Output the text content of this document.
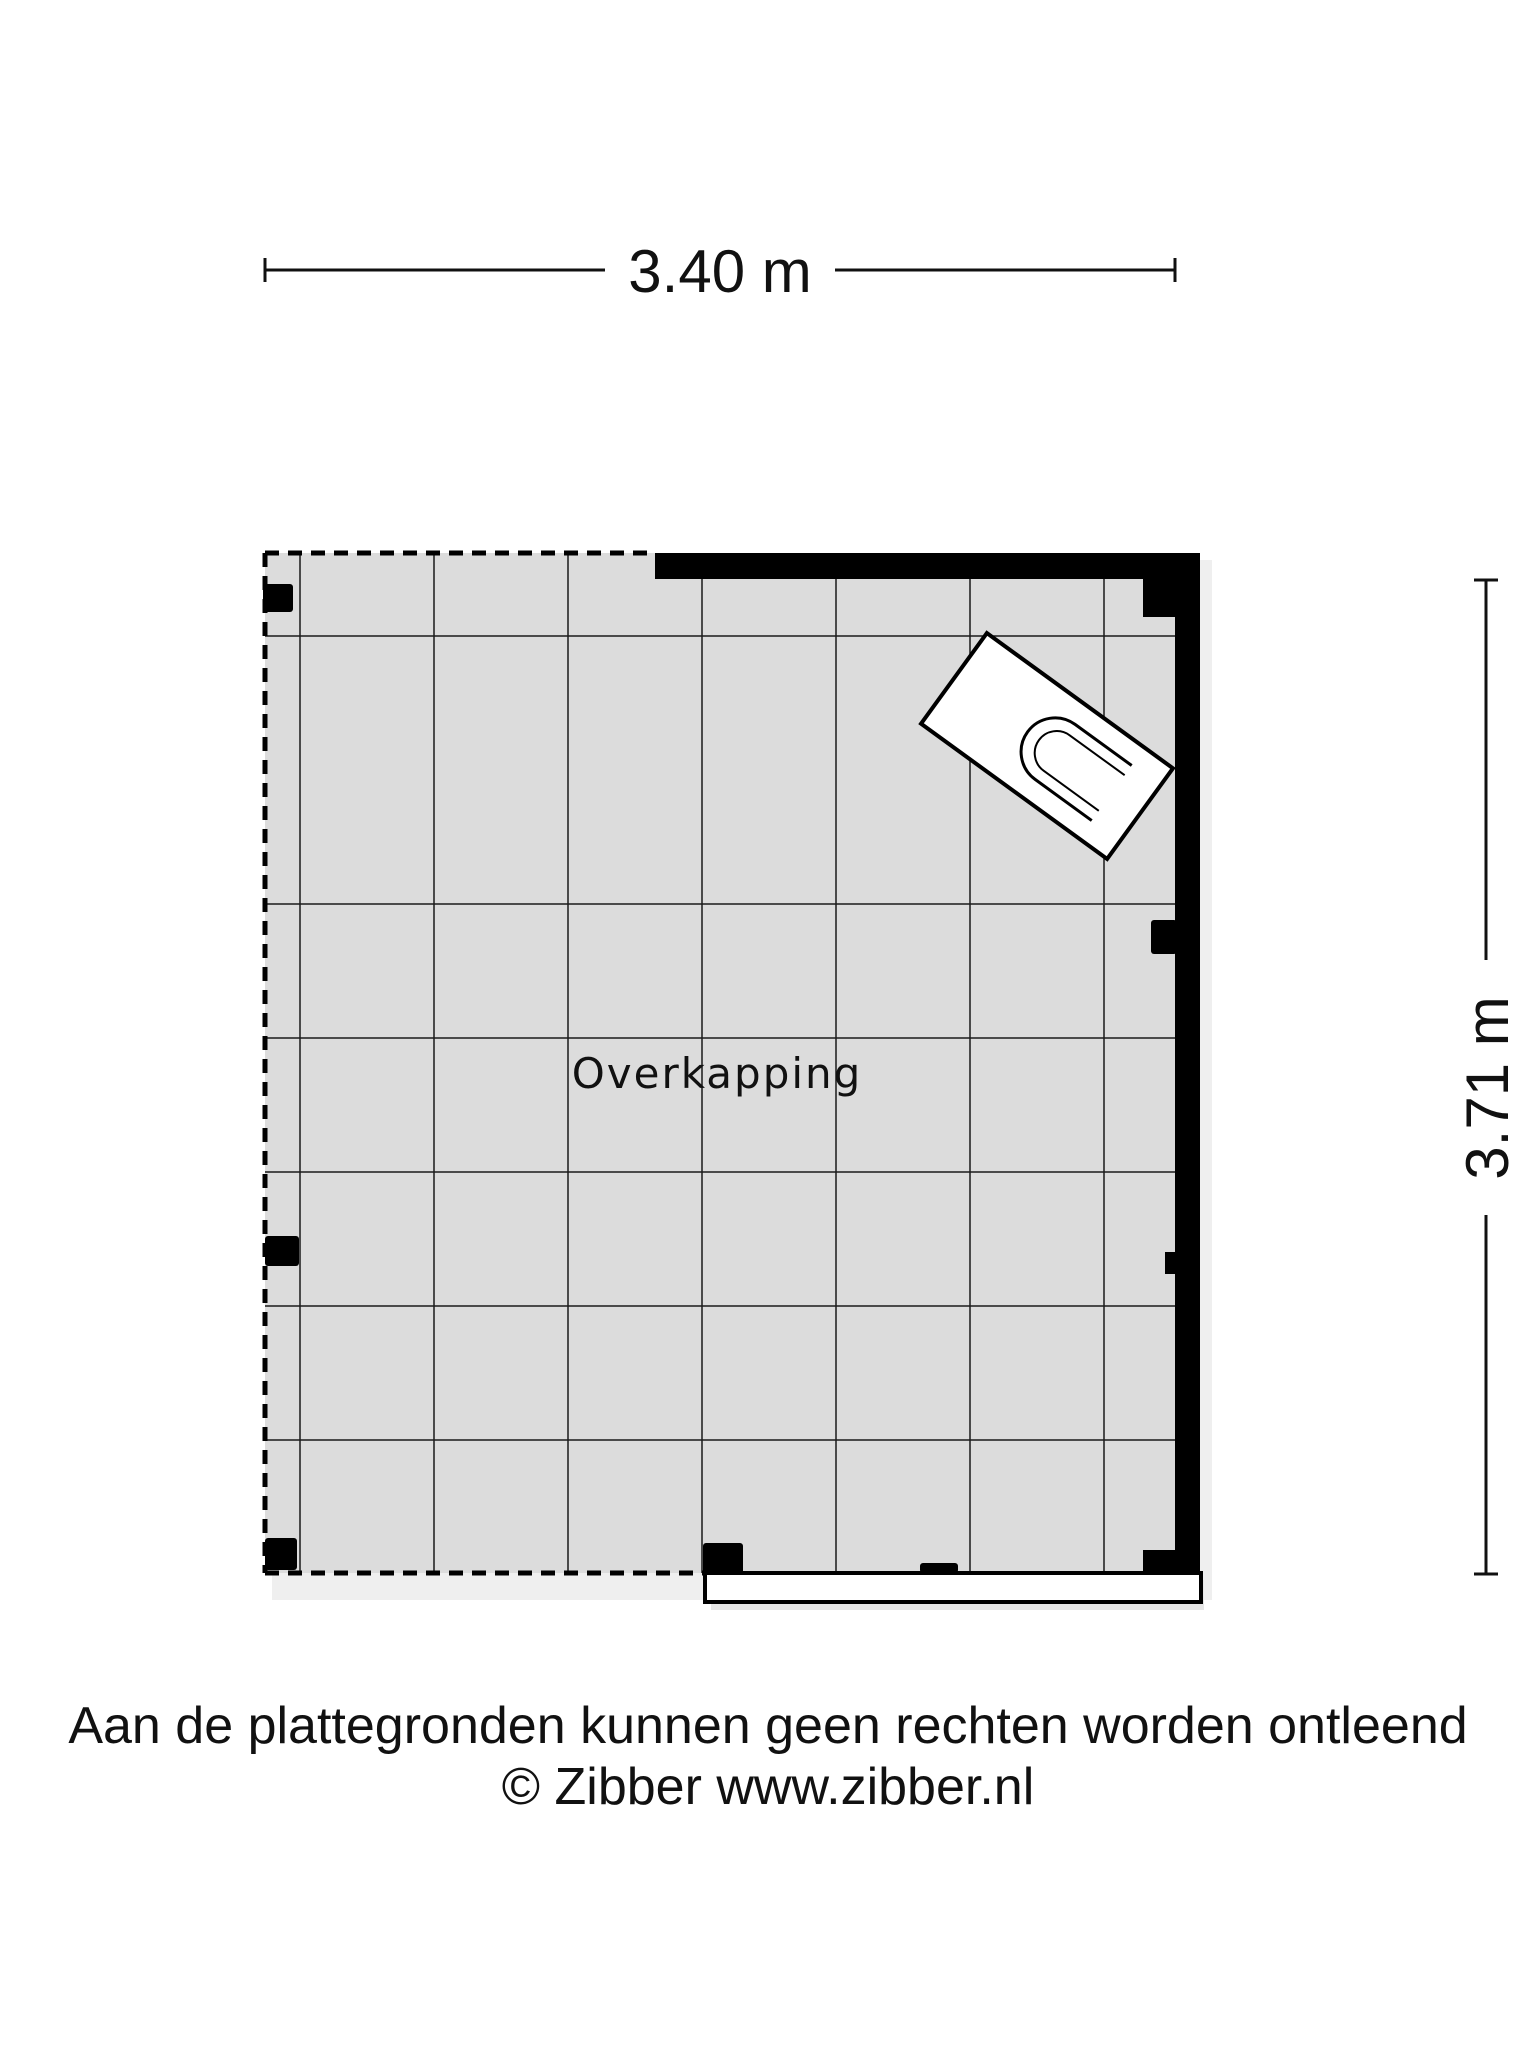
3.40 m
3.71 m
Overkapping
Aan de plattegronden kunnen geen rechten worden ontleend
© Zibber www.zibber.nl
